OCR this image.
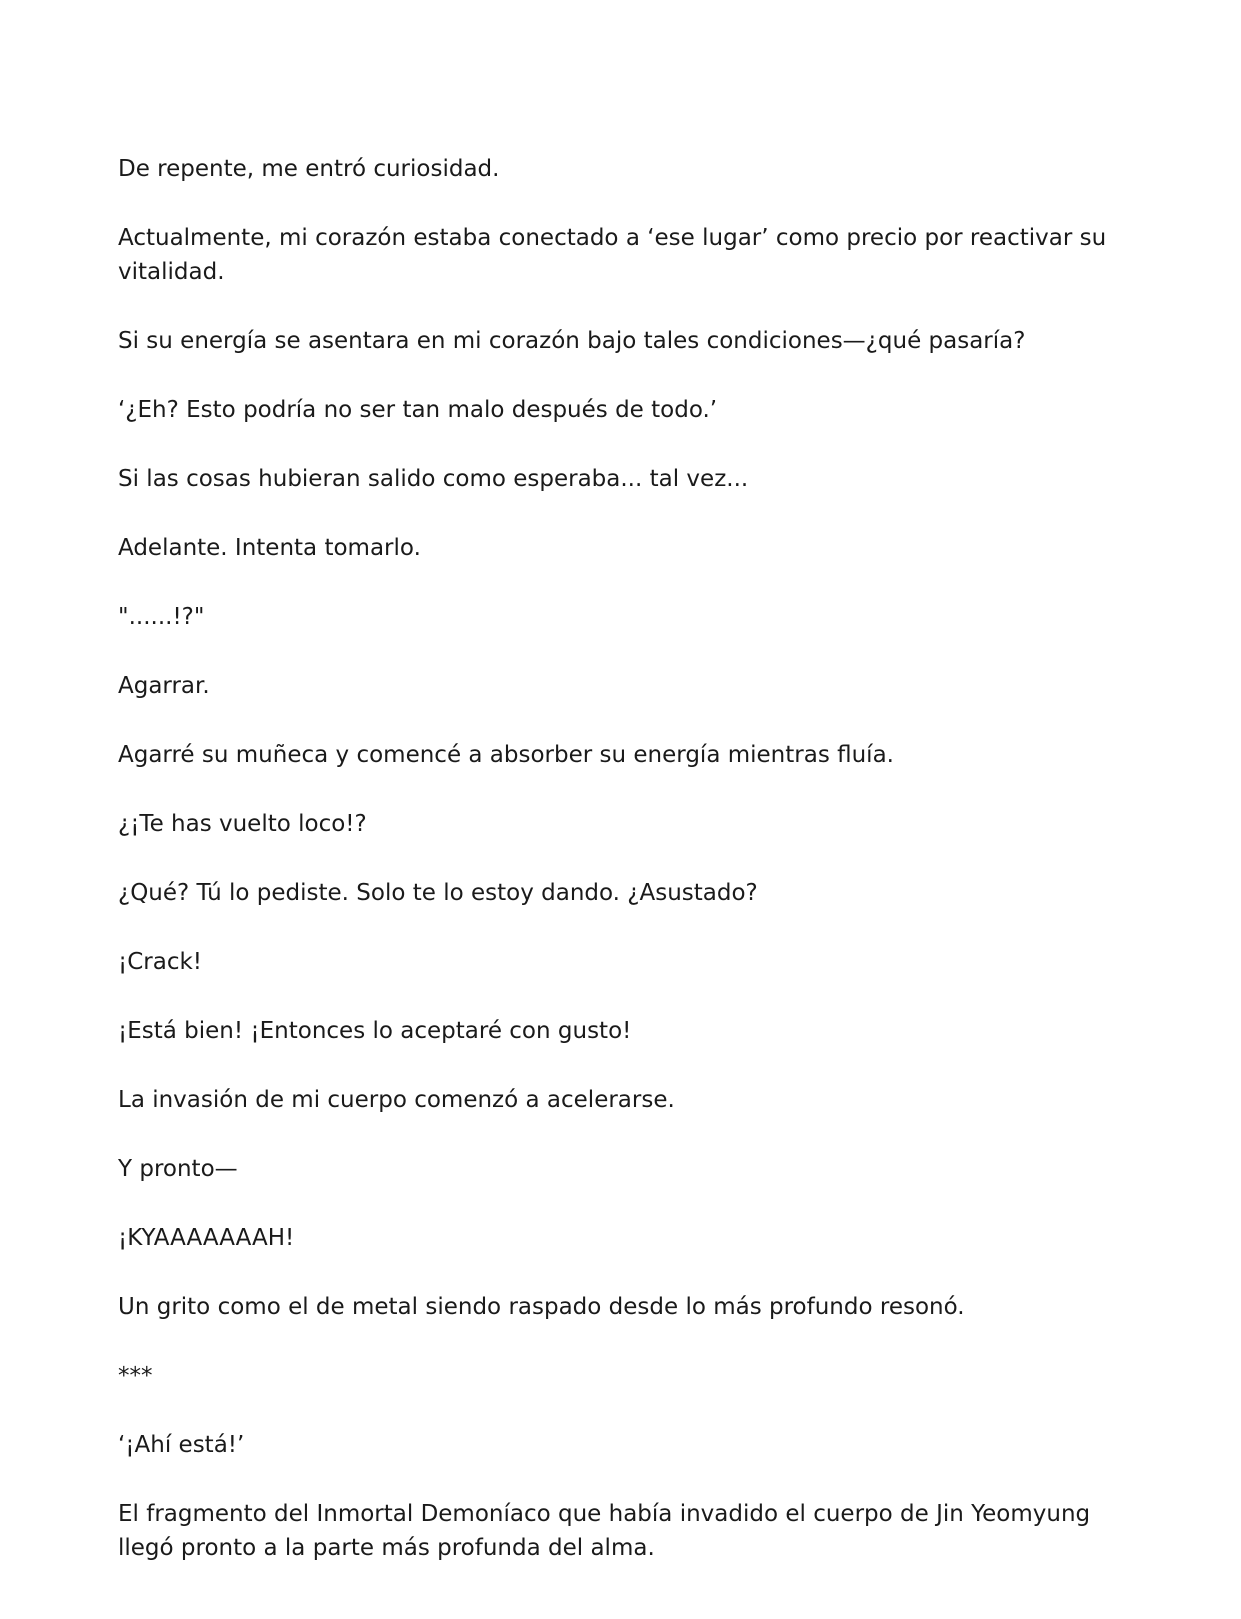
De repente, me entró curiosidad.

Actualmente, mi corazón estaba conectado a ‘ese lugar’ como precio por reactivar su vitalidad.

Si su energía se asentara en mi corazón bajo tales condiciones—¿qué pasaría?

‘¿Eh? Esto podría no ser tan malo después de todo.’

Si las cosas hubieran salido como esperaba... tal vez...

Adelante. Intenta tomarlo.

"......!?"

Agarrar.

Agarré su muñeca y comencé a absorber su energía mientras fluía.

¿¡Te has vuelto loco!?

¿Qué? Tú lo pediste. Solo te lo estoy dando. ¿Asustado?

¡Crack!

¡Está bien! ¡Entonces lo aceptaré con gusto!

La invasión de mi cuerpo comenzó a acelerarse.

Y pronto—

¡KYAAAAAAAH!

Un grito como el de metal siendo raspado desde lo más profundo resonó.

***

‘¡Ahí está!’

El fragmento del Inmortal Demoníaco que había invadido el cuerpo de Jin Yeomyung llegó pronto a la parte más profunda del alma.
